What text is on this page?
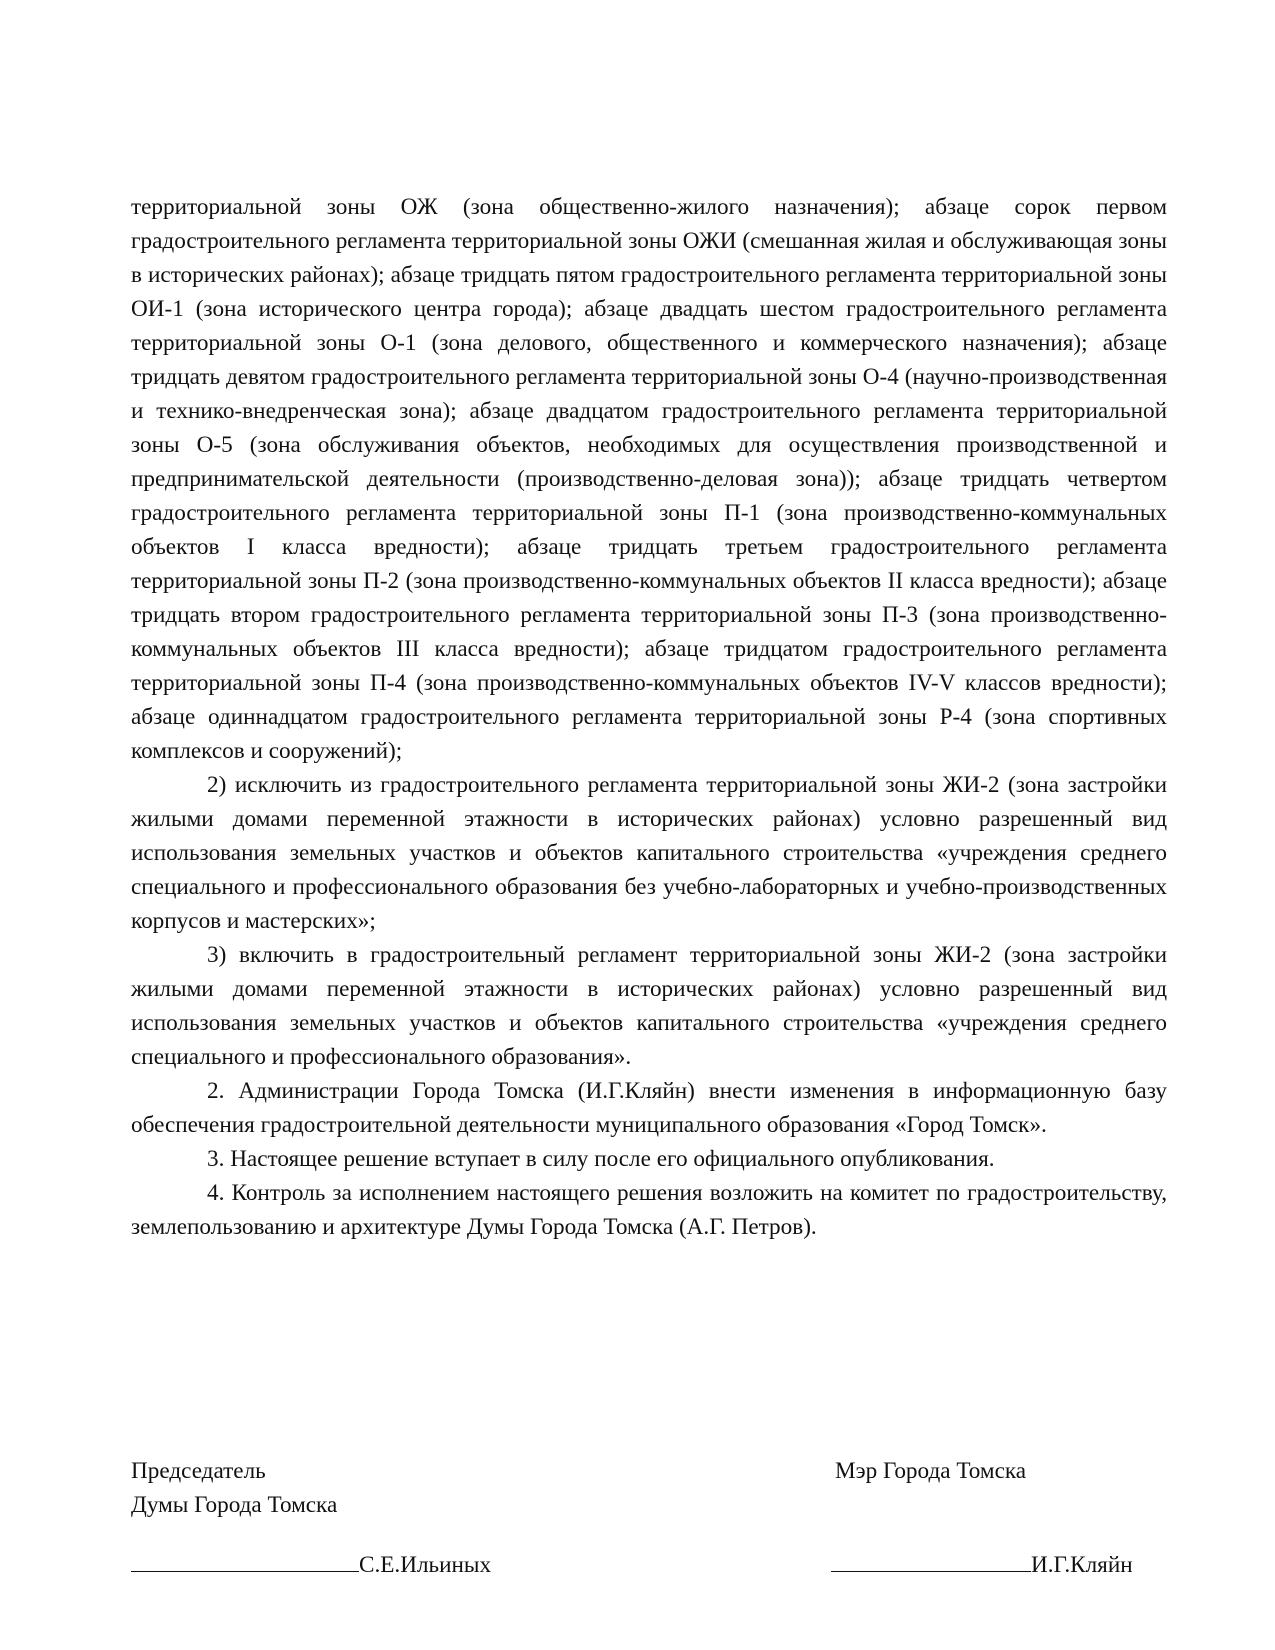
территориальной зоны ОЖ (зона общественно-жилого назначения); абзаце сорок первом градостроительного регламента территориальной зоны ОЖИ (смешанная жилая и обслуживающая зоны в исторических районах); абзаце тридцать пятом градостроительного регламента территориальной зоны ОИ-1 (зона исторического центра города); абзаце двадцать шестом градостроительного регламента территориальной зоны О-1 (зона делового, общественного и коммерческого назначения); абзаце тридцать девятом градостроительного регламента территориальной зоны О-4 (научно-производственная и технико-внедренческая зона); абзаце двадцатом градостроительного регламента территориальной зоны О-5 (зона обслуживания объектов, необходимых для осуществления производственной и предпринимательской деятельности (производственно-деловая зона)); абзаце тридцать четвертом градостроительного регламента территориальной зоны П-1 (зона производственно-коммунальных объектов I класса вредности); абзаце тридцать третьем градостроительного регламента территориальной зоны П-2 (зона производственно-коммунальных объектов II класса вредности); абзаце тридцать втором градостроительного регламента территориальной зоны П-3 (зона производственно-коммунальных объектов III класса вредности); абзаце тридцатом градостроительного регламента территориальной зоны П-4 (зона производственно-коммунальных объектов IV-V классов вредности); абзаце одиннадцатом градостроительного регламента территориальной зоны Р-4 (зона спортивных комплексов и сооружений);

2) исключить из градостроительного регламента территориальной зоны ЖИ-2 (зона застройки жилыми домами переменной этажности в исторических районах) условно разрешенный вид использования земельных участков и объектов капитального строительства «учреждения среднего специального и профессионального образования без учебно-лабораторных и учебно-производственных корпусов и мастерских»;

3) включить в градостроительный регламент территориальной зоны ЖИ-2 (зона застройки жилыми домами переменной этажности в исторических районах) условно разрешенный вид использования земельных участков и объектов капитального строительства «учреждения среднего специального и профессионального образования».

2. Администрации Города Томска (И.Г.Кляйн) внести изменения в информационную базу обеспечения градостроительной деятельности муниципального образования «Город Томск».

3. Настоящее решение вступает в силу после его официального опубликования.

4. Контроль за исполнением настоящего решения возложить на комитет по градостроительству, землепользованию и архитектуре Думы Города Томска (А.Г. Петров).

Председатель
Думы Города Томска
Мэр Города Томска
С.Е.Ильиных	И.Г.Кляйн
